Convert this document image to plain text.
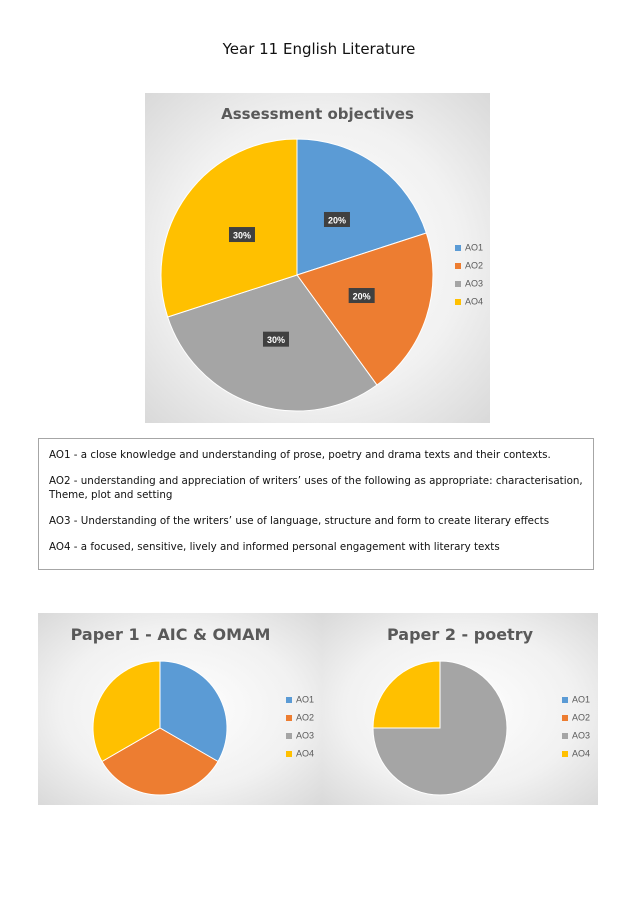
Year 11 English Literature
Assessment objectives
20%
20%
30%
30%
AO1
AO2
AO3
AO4

AO1 - a close knowledge and understanding of prose, poetry and drama texts and their contexts.

AO2 - understanding and appreciation of writers’ uses of the following as appropriate: characterisation, Theme, plot and setting

AO3 - Understanding of the writers’ use of language, structure and form to create literary effects

AO4 - a focused, sensitive, lively and informed personal engagement with literary texts

Paper 1 - AIC & OMAM
AO1
AO2
AO3
AO4
Paper 2 - poetry
AO1
AO2
AO3
AO4
